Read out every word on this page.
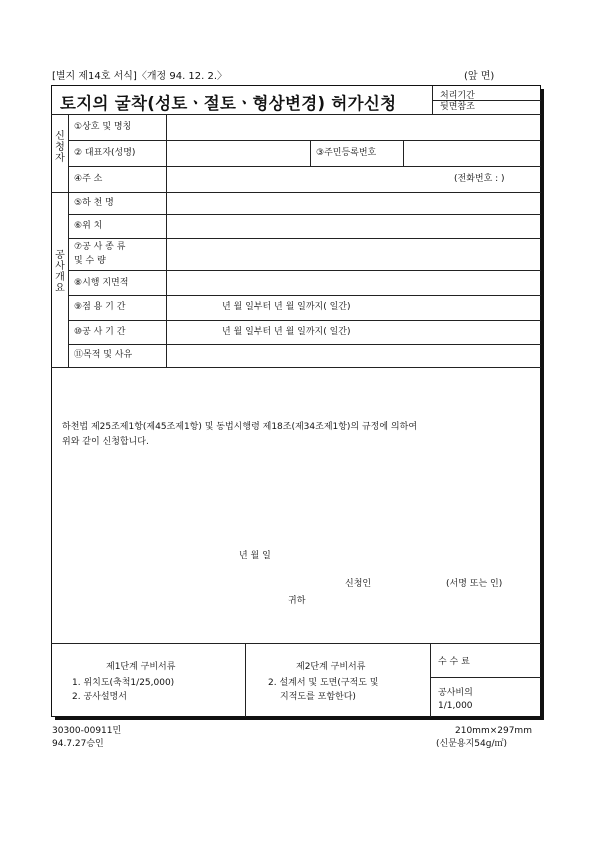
[별지 제14호 서식]〈개정 94. 12. 2.〉	(앞 면)
토지의 굴착(성토ㆍ절토ㆍ형상변경) 허가신청	처리기간
뒷면참조
신
청
자
①상호 및 명칭
② 대표자(성명)	③주민등록번호
④주 소	(전화번호 : )
공
사
개
요
⑤하 천 명
⑥위 치
⑦공 사 종 류
및 수 량
⑧시행 지면적
⑨점 용 기 간	년 월 일부터 년 월 일까지( 일간)
⑩공 사 기 간	년 월 일부터 년 월 일까지( 일간)
⑪목적 및 사유
하천법 제25조제1항(제45조제1항) 및 동법시행령 제18조(제34조제1항)의 규정에 의하여
위와 같이 신청합니다.
년 월 일
신청인	(서명 또는 인)
귀하
제1단계 구비서류
1. 위치도(축척1/25,000)
2. 공사설명서
제2단계 구비서류
2. 설계서 및 도면(구적도 및
지적도를 포함한다)
수 수 료
공사비의
1/1,000
30300-00911민
94.7.27승인
210mm×297mm
(신문용지54g/㎡)
